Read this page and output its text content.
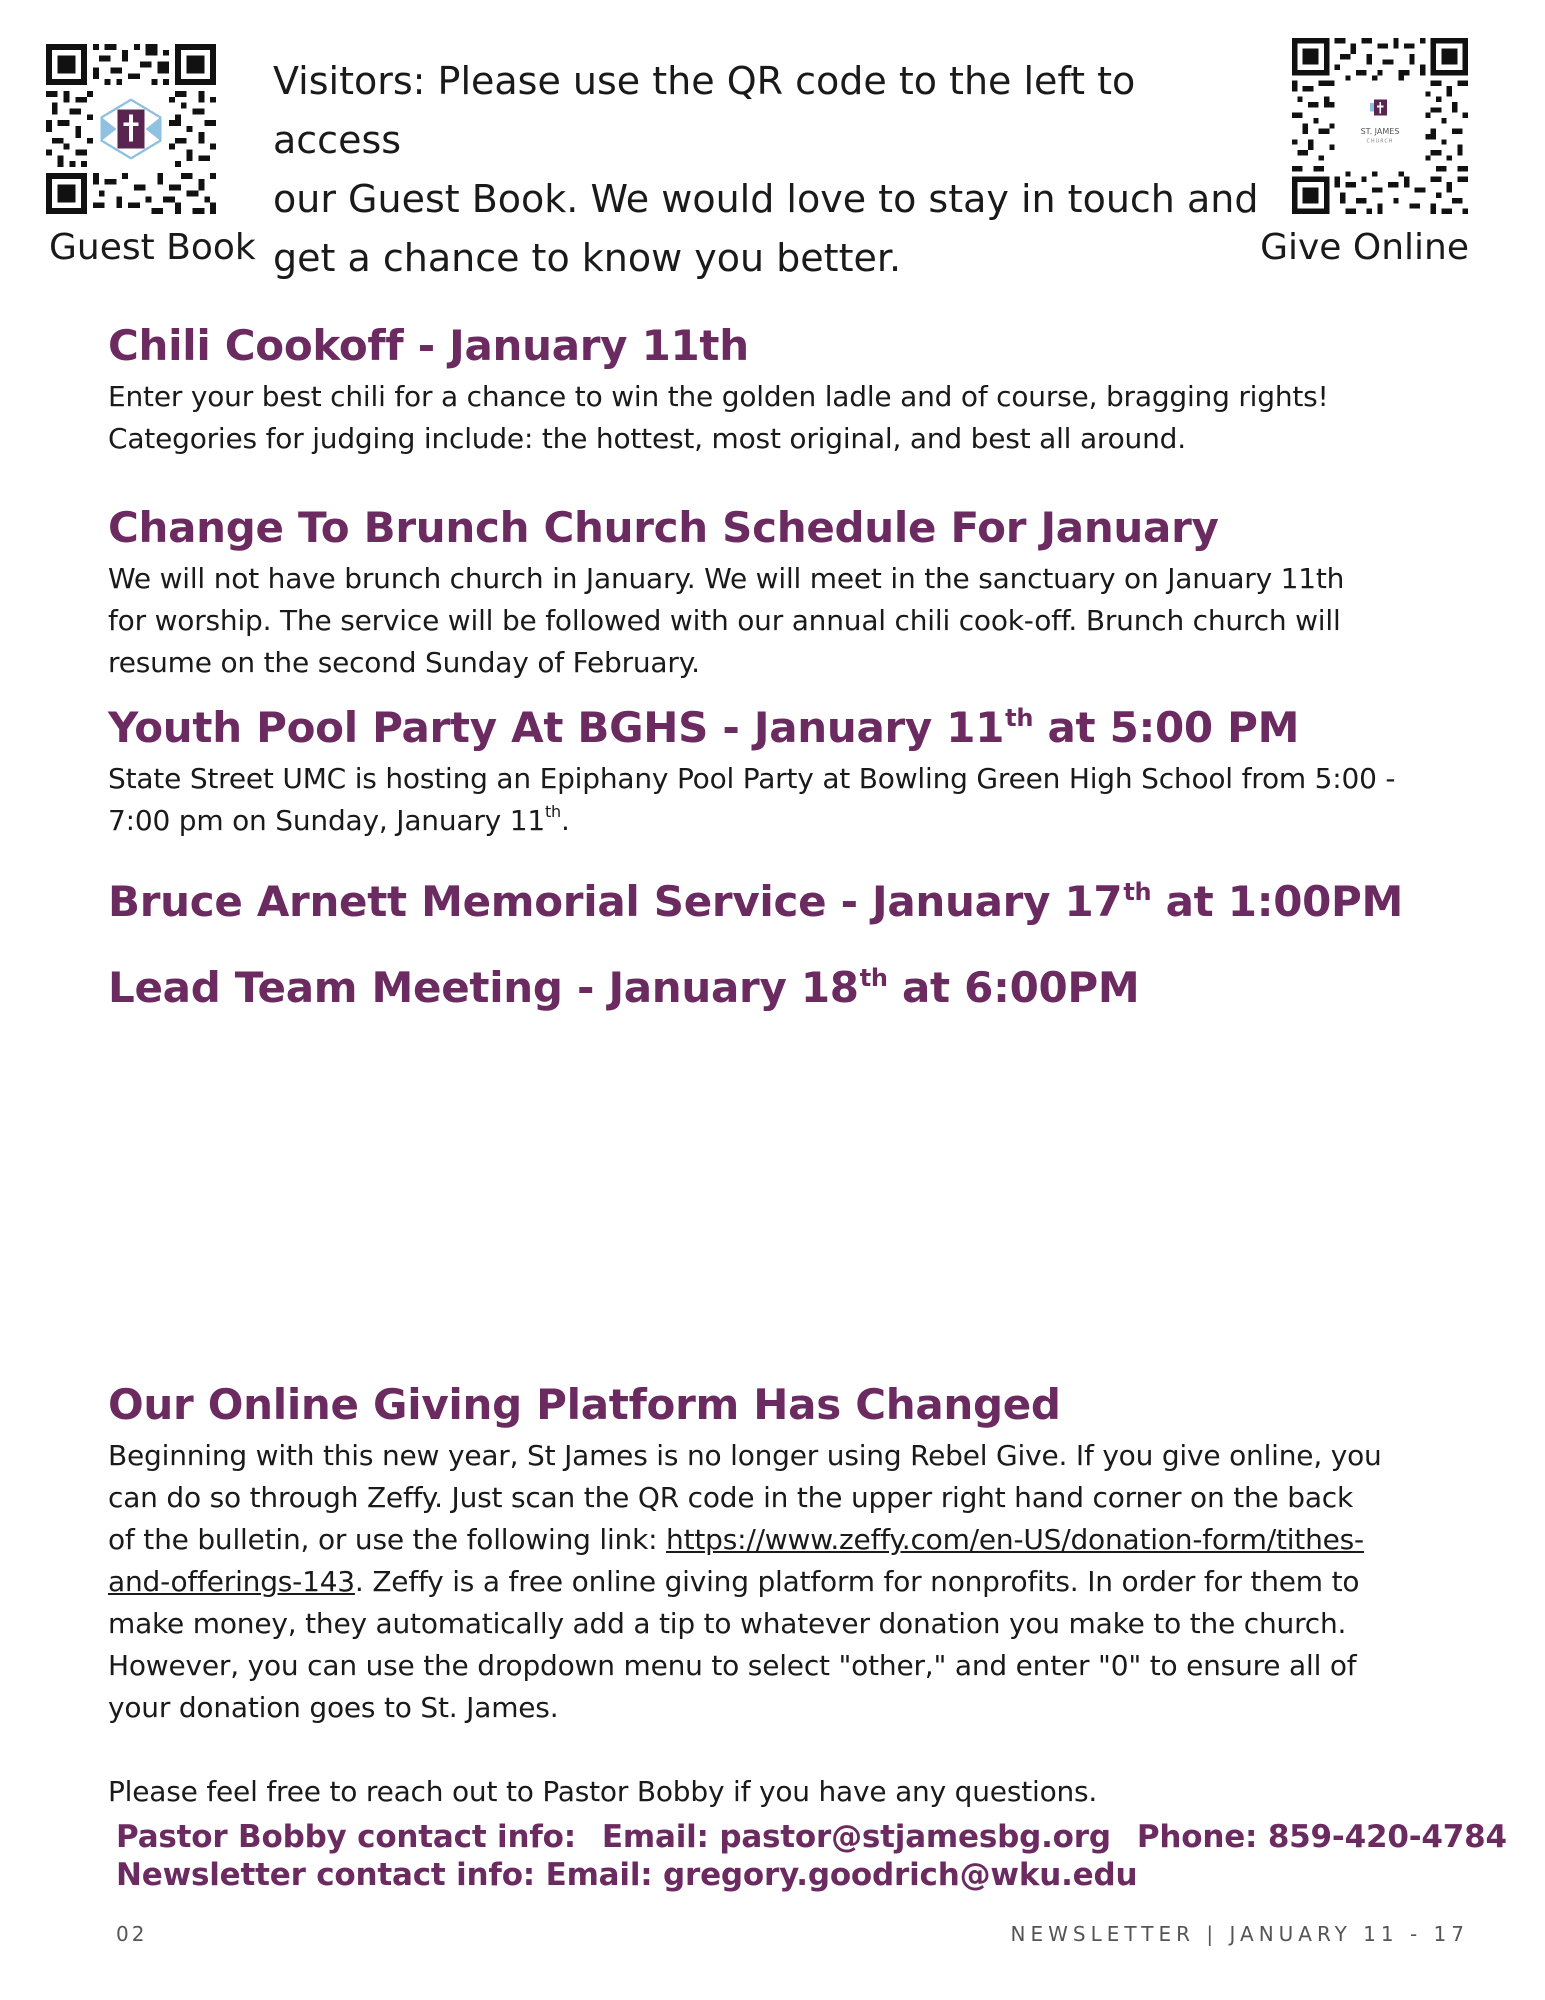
Guest Book
Visitors: Please use the QR code to the left to access
our Guest Book. We would love to stay in touch and
get a chance to know you better.
ST. JAMES
Give Online
Chili Cookoff - January 11th

Enter your best chili for a chance to win the golden ladle and of course, bragging rights!
Categories for judging include: the hottest, most original, and best all around.

Change To Brunch Church Schedule For January

We will not have brunch church in January. We will meet in the sanctuary on January 11th
for worship. The service will be followed with our annual chili cook-off. Brunch church will
resume on the second Sunday of February.

Youth Pool Party At BGHS - January 11th at 5:00 PM

State Street UMC is hosting an Epiphany Pool Party at Bowling Green High School from 5:00 -
7:00 pm on Sunday, January 11th.

Bruce Arnett Memorial Service - January 17th at 1:00PM
Lead Team Meeting - January 18th at 6:00PM
Our Online Giving Platform Has Changed

Beginning with this new year, St James is no longer using Rebel Give. If you give online, you
can do so through Zeffy. Just scan the QR code in the upper right hand corner on the back
of the bulletin, or use the following link: https://www.zeffy.com/en-US/donation-form/tithes-
and-offerings-143. Zeffy is a free online giving platform for nonprofits. In order for them to
make money, they automatically add a tip to whatever donation you make to the church.
However, you can use the dropdown menu to select "other," and enter "0" to ensure all of
your donation goes to St. James.

Please feel free to reach out to Pastor Bobby if you have any questions.

Pastor Bobby contact info: Email: pastor@stjamesbg.org Phone: 859-420-4784
Newsletter contact info: Email: gregory.goodrich@wku.edu
02	NEWSLETTER | JANUARY 11 - 17
